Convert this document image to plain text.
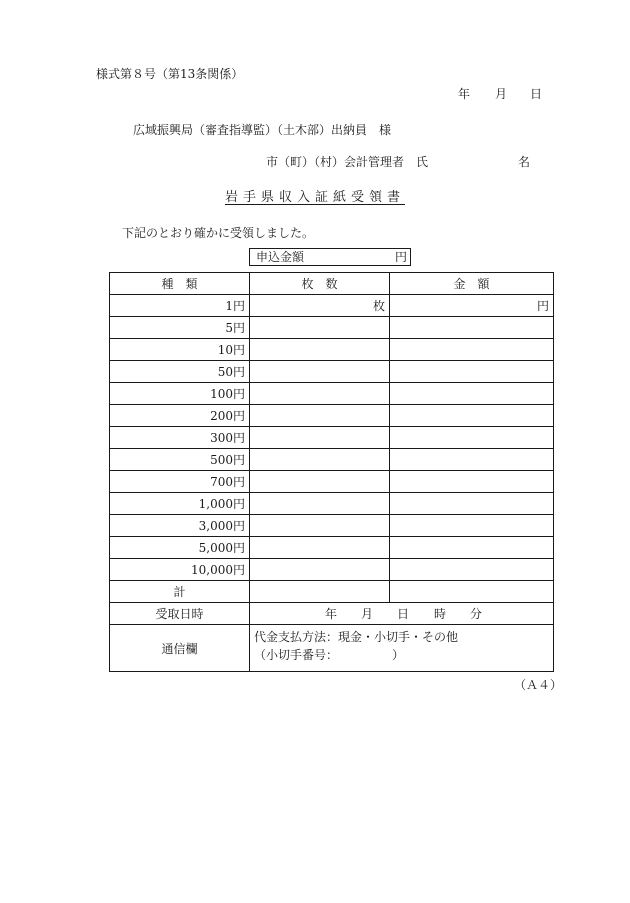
様式第８号（第13条関係）
年 月 日
広域振興局（審査指導監）（土木部）出納員　様
市（町）（村）会計管理者　氏	名
岩手県収入証紙受領書
下記のとおり確かに受領しました。
申込金額	円
種　類	枚　数	金　額
1円	枚	円
5円		
10円		
50円		
100円		
200円		
300円		
500円		
700円		
1,000円		
3,000円		
5,000円		
10,000円		
計		
受取日時	年 月 日 時 分	
通信欄	代金支払方法：現金・小切手・その他
（小切手番号：　　　　　）	
（Ａ４）
